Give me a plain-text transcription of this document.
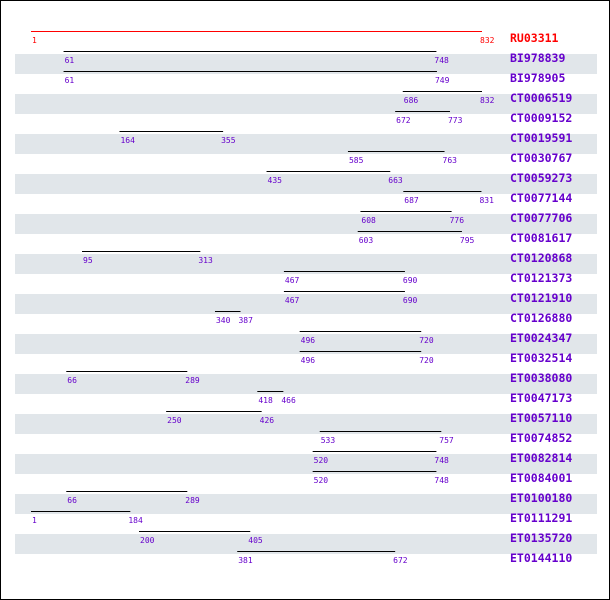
1	832 RU03311
61	748	BI978839
61	749	BI978905
686	832 CT0006519
672	773	CT0009152
164	355	CT0019591
585	763	CT0030767
435	663	CT0059273
687	831 CT0077144
608	776	CT0077706
603	795	CT0081617
95	313	CT0120868
467	690	CT0121373
467	690	CT0121910
340 387	CT0126880
496	720	ET0024347
496	720	ET0032514
66	289	ET0038080
418 466	ET0047173
250	426	ET0057110
533	757	ET0074852
520	748	ET0082814
520	748	ET0084001
66	289	ET0100180
1	184	ET0111291
200	405	ET0135720
381	672	ET0144110
